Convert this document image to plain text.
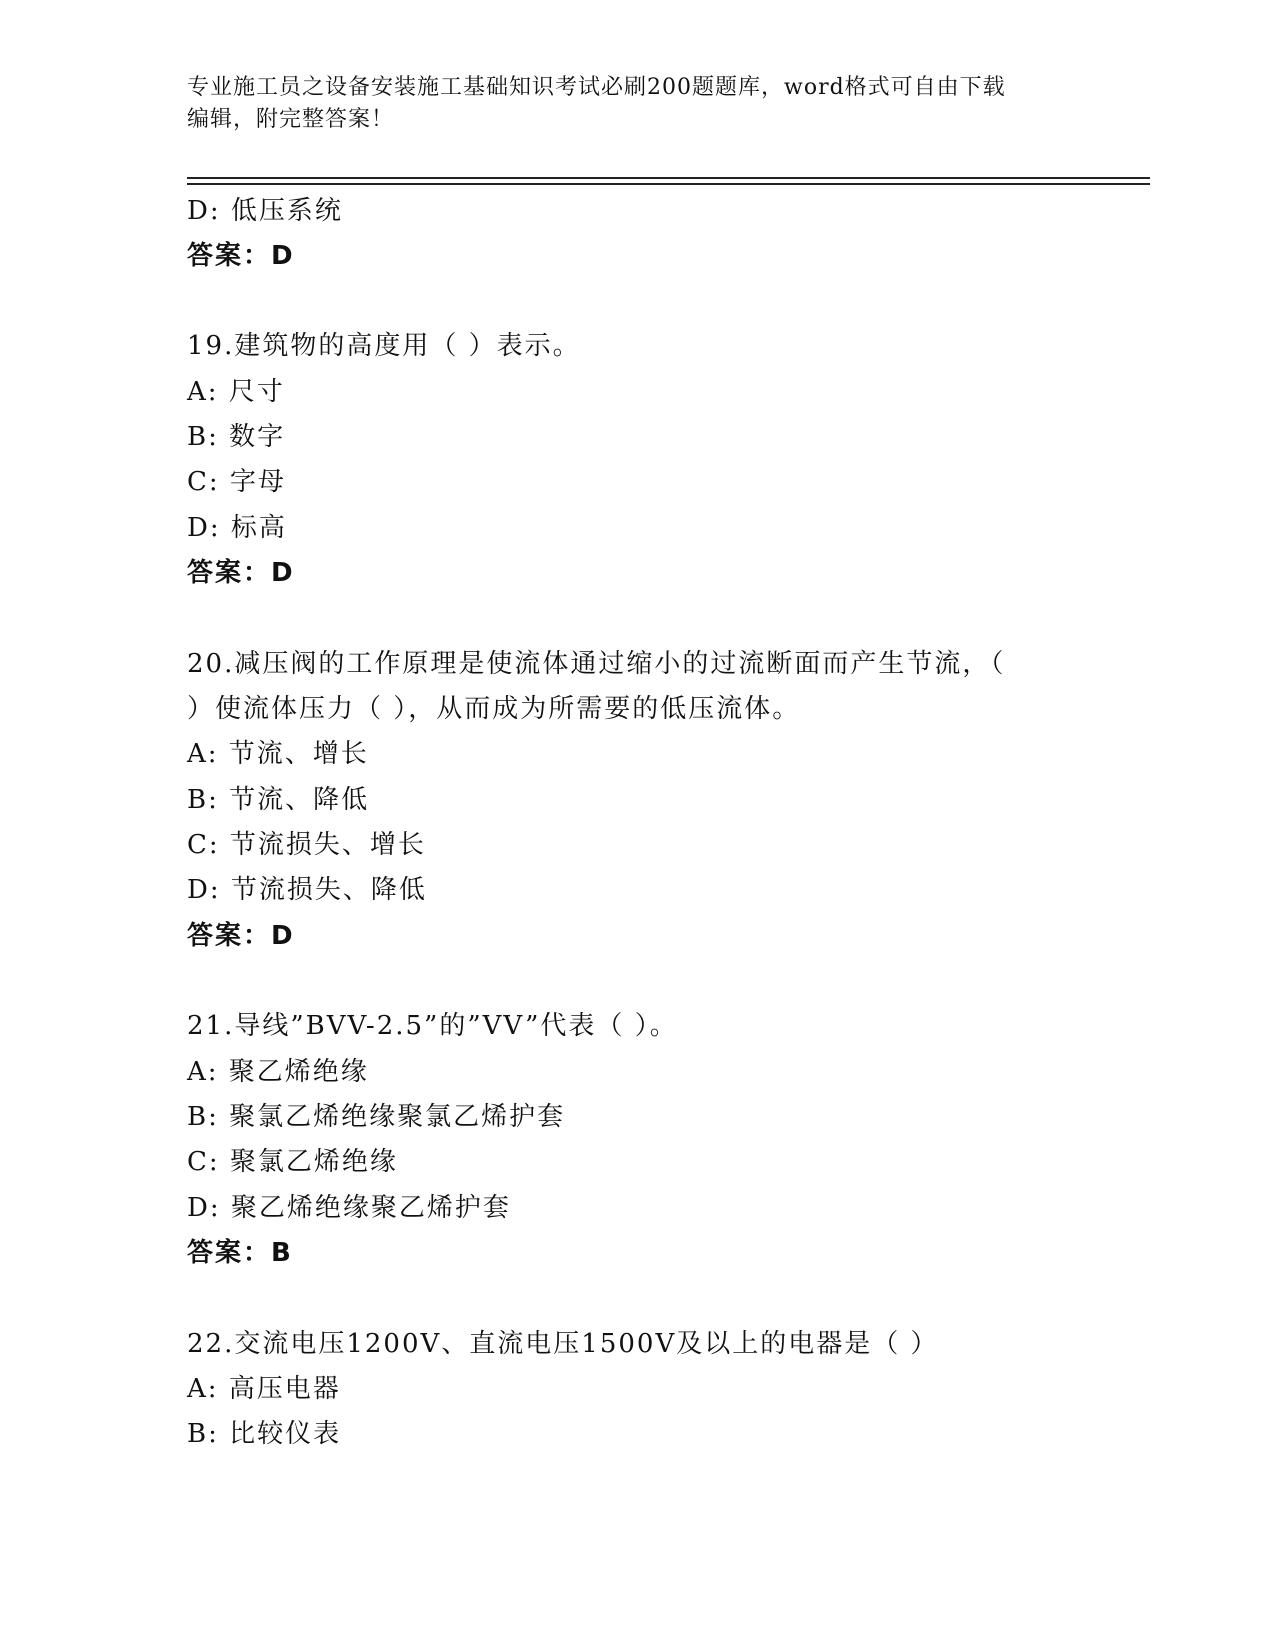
专业施工员之设备安装施工基础知识考试必刷200题题库，word格式可自由下载
编辑，附完整答案！
D: 低压系统
答案：D
19.建筑物的高度用（ ）表示。
A: 尺寸
B: 数字
C: 字母
D: 标高
答案：D
20.减压阀的工作原理是使流体通过缩小的过流断面而产生节流，（
）使流体压力（ ），从而成为所需要的低压流体。
A: 节流、增长
B: 节流、降低
C: 节流损失、增长
D: 节流损失、降低
答案：D
21.导线”BVV-2.5”的”VV”代表（ ）。
A: 聚乙烯绝缘
B: 聚氯乙烯绝缘聚氯乙烯护套
C: 聚氯乙烯绝缘
D: 聚乙烯绝缘聚乙烯护套
答案：B
22.交流电压1200V、直流电压1500V及以上的电器是（ ）
A: 高压电器
B: 比较仪表
